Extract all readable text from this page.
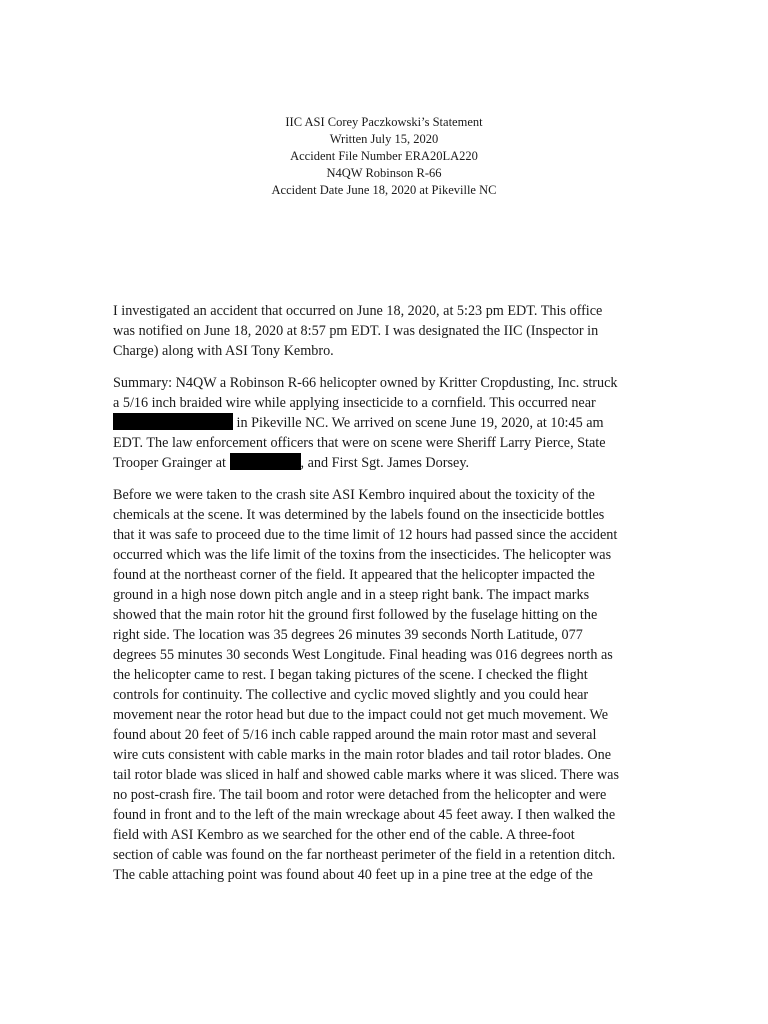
IIC ASI Corey Paczkowski’s Statement
Written July 15, 2020
Accident File Number ERA20LA220
N4QW Robinson R-66
Accident Date June 18, 2020 at Pikeville NC
I investigated an accident that occurred on June 18, 2020, at 5:23 pm EDT. This office
was notified on June 18, 2020 at 8:57 pm EDT. I was designated the IIC (Inspector in
Charge) along with ASI Tony Kembro.
Summary: N4QW a Robinson R-66 helicopter owned by Kritter Cropdusting, Inc. struck
a 5/16 inch braided wire while applying insecticide to a cornfield. This occurred near
in Pikeville NC. We arrived on scene June 19, 2020, at 10:45 am
EDT. The law enforcement officers that were on scene were Sheriff Larry Pierce, State
Trooper Grainger at	, and First Sgt. James Dorsey.
Before we were taken to the crash site ASI Kembro inquired about the toxicity of the
chemicals at the scene. It was determined by the labels found on the insecticide bottles
that it was safe to proceed due to the time limit of 12 hours had passed since the accident
occurred which was the life limit of the toxins from the insecticides. The helicopter was
found at the northeast corner of the field. It appeared that the helicopter impacted the
ground in a high nose down pitch angle and in a steep right bank. The impact marks
showed that the main rotor hit the ground first followed by the fuselage hitting on the
right side. The location was 35 degrees 26 minutes 39 seconds North Latitude, 077
degrees 55 minutes 30 seconds West Longitude. Final heading was 016 degrees north as
the helicopter came to rest. I began taking pictures of the scene. I checked the flight
controls for continuity. The collective and cyclic moved slightly and you could hear
movement near the rotor head but due to the impact could not get much movement. We
found about 20 feet of 5/16 inch cable rapped around the main rotor mast and several
wire cuts consistent with cable marks in the main rotor blades and tail rotor blades. One
tail rotor blade was sliced in half and showed cable marks where it was sliced. There was
no post-crash fire. The tail boom and rotor were detached from the helicopter and were
found in front and to the left of the main wreckage about 45 feet away. I then walked the
field with ASI Kembro as we searched for the other end of the cable. A three-foot
section of cable was found on the far northeast perimeter of the field in a retention ditch.
The cable attaching point was found about 40 feet up in a pine tree at the edge of the
